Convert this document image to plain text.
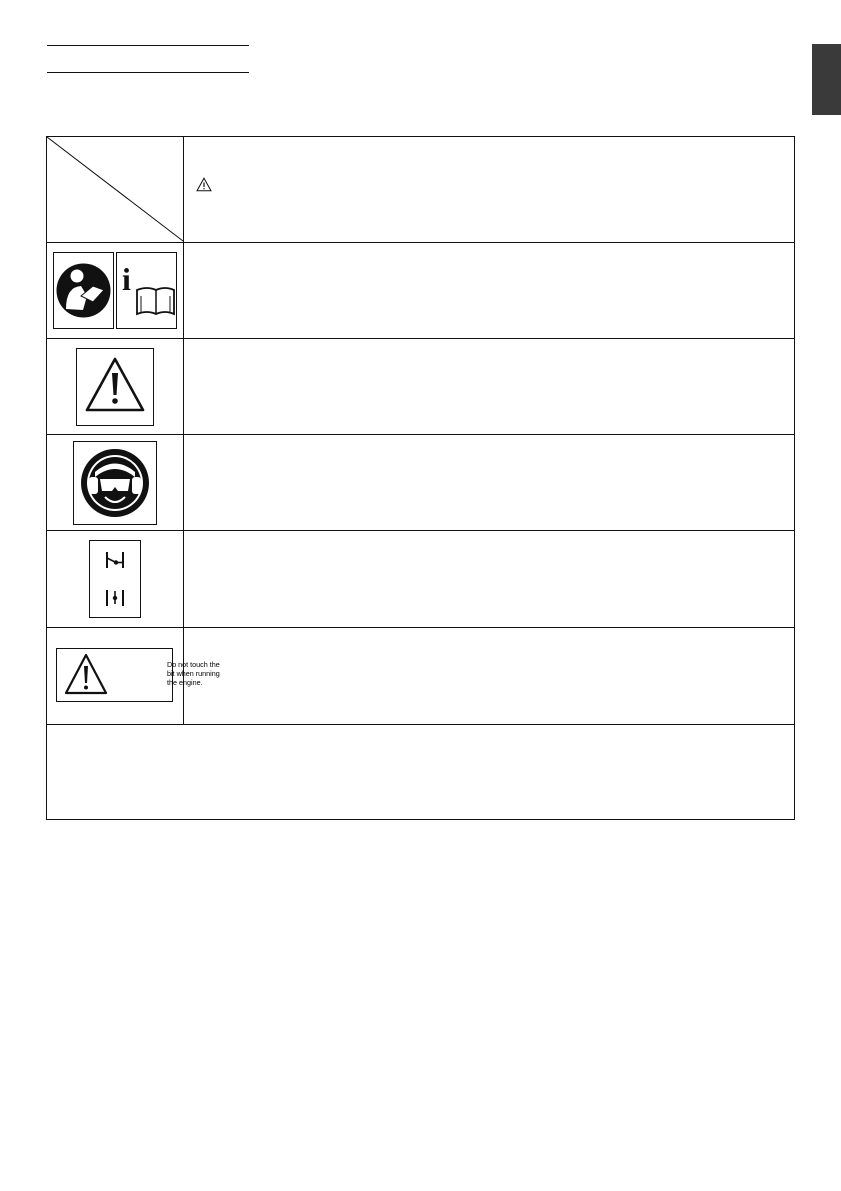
i
Do not touch the
bit when running
the engine.
